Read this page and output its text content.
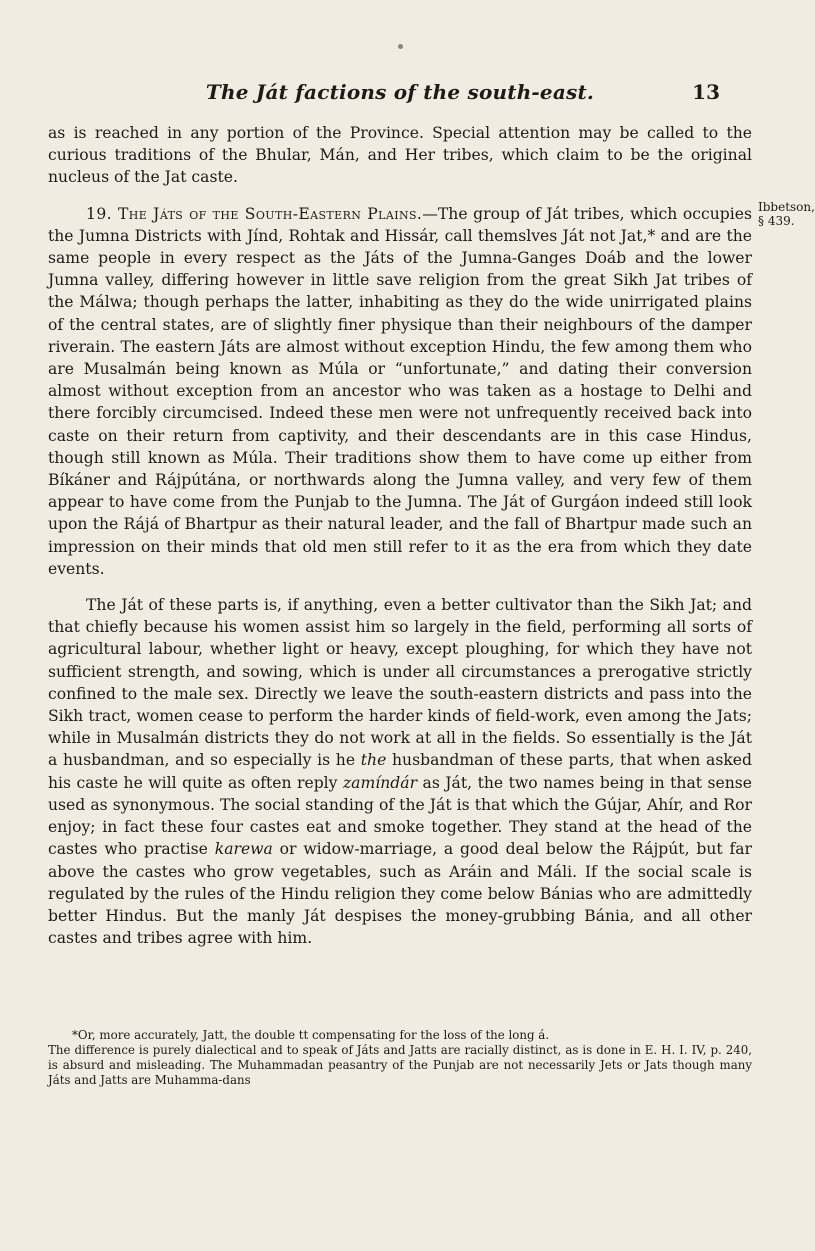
The Ját factions of the south-east.	13
Ibbetson,
§ 439.

as is reached in any portion of the Province. Special attention may be called to the curious traditions of the Bhular, Mán, and Her tribes, which claim to be the original nucleus of the Jat caste.

19. The Játs of the South-Eastern Plains.—The group of Ját tribes, which occupies the Jumna Districts with Jínd, Rohtak and Hissár, call themslves Ját not Jat,* and are the same people in every respect as the Játs of the Jumna-Ganges Doáb and the lower Jumna valley, differing however in little save religion from the great Sikh Jat tribes of the Málwa; though perhaps the latter, inhabiting as they do the wide unirrigated plains of the central states, are of slightly finer physique than their neighbours of the damper riverain. The eastern Játs are almost without exception Hindu, the few among them who are Musalmán being known as Múla or “unfortunate,” and dating their conversion almost without exception from an ancestor who was taken as a hostage to Delhi and there forcibly circumcised. Indeed these men were not unfrequently received back into caste on their return from captivity, and their descendants are in this case Hindus, though still known as Múla. Their traditions show them to have come up either from Bíkáner and Rájpútána, or northwards along the Jumna valley, and very few of them appear to have come from the Punjab to the Jumna. The Ját of Gurgáon indeed still look upon the Rájá of Bhartpur as their natural leader, and the fall of Bhartpur made such an impression on their minds that old men still refer to it as the era from which they date events.

The Ját of these parts is, if anything, even a better cultivator than the Sikh Jat; and that chiefly because his women assist him so largely in the field, performing all sorts of agricultural labour, whether light or heavy, except ploughing, for which they have not sufficient strength, and sowing, which is under all circumstances a prerogative strictly confined to the male sex. Directly we leave the south-eastern districts and pass into the Sikh tract, women cease to perform the harder kinds of field-work, even among the Jats; while in Musalmán districts they do not work at all in the fields. So essentially is the Ját a husbandman, and so especially is he the husbandman of these parts, that when asked his caste he will quite as often reply zamíndár as Ját, the two names being in that sense used as synonymous. The social standing of the Ját is that which the Gújar, Ahír, and Ror enjoy; in fact these four castes eat and smoke together. They stand at the head of the castes who practise karewa or widow-marriage, a good deal below the Rájpút, but far above the castes who grow vegetables, such as Aráin and Máli. If the social scale is regulated by the rules of the Hindu religion they come below Bánias who are admittedly better Hindus. But the manly Ját despises the money-grubbing Bánia, and all other castes and tribes agree with him.

*Or, more accurately, Jatt, the double tt compensating for the loss of the long á.

The difference is purely dialectical and to speak of Játs and Jatts are racially distinct, as is done in E. H. I. IV, p. 240, is absurd and misleading. The Muhammadan peasantry of the Punjab are not necessarily Jets or Jats though many Játs and Jatts are Muhamma-dans
